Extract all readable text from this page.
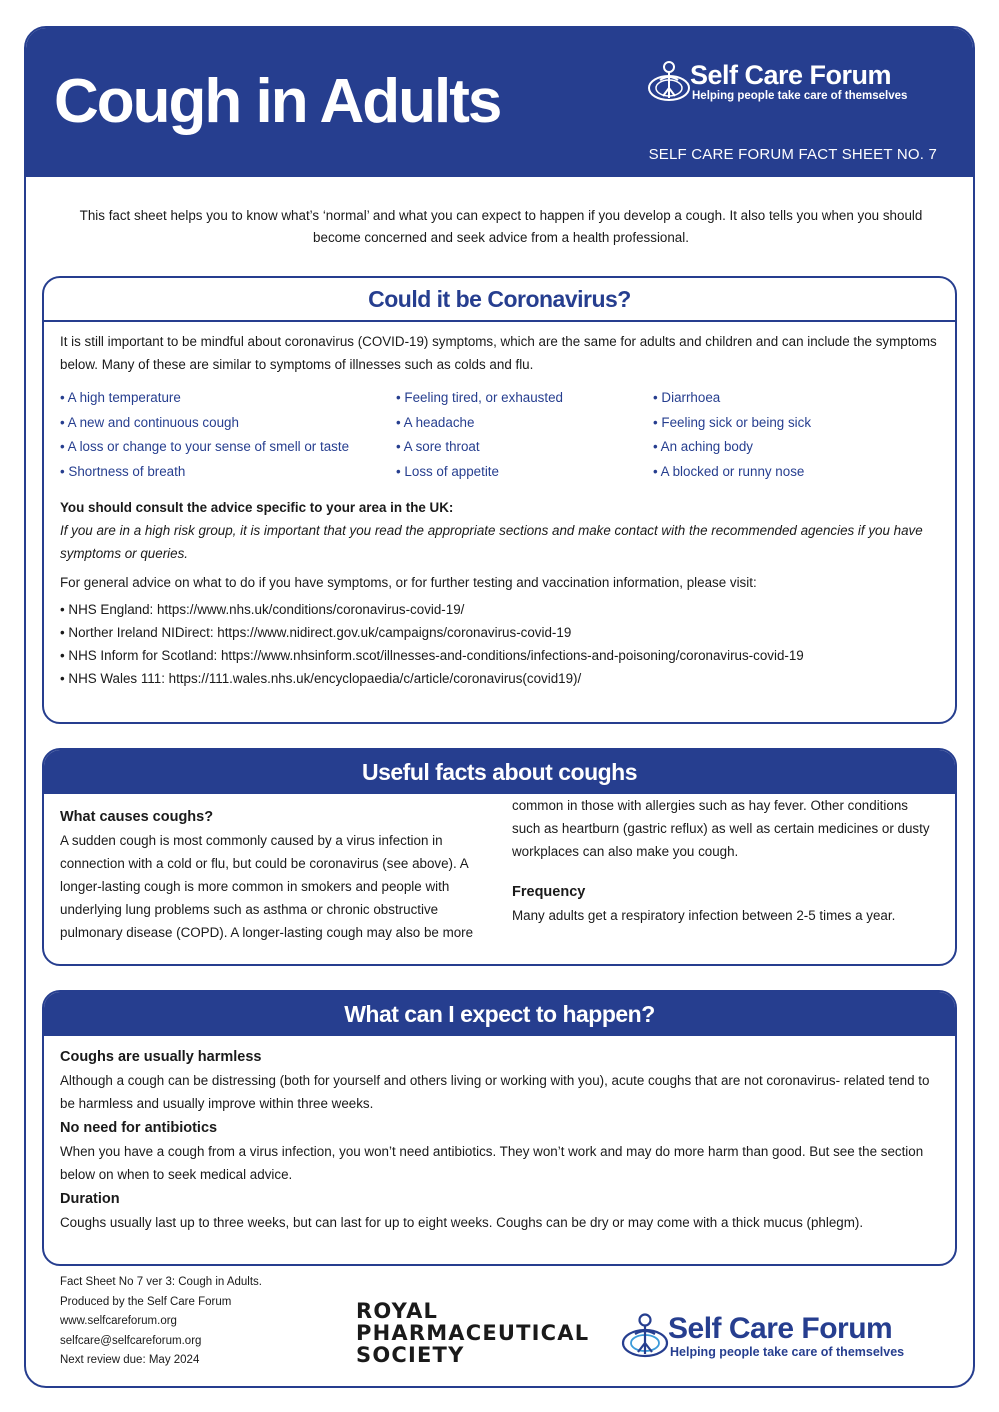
Cough in Adults	Self Care Forum
Helping people take care of themselves
SELF CARE FORUM FACT SHEET NO. 7
This fact sheet helps you to know what’s ‘normal’ and what you can expect to happen if you develop a cough. It also tells you when you should become concerned and seek advice from a health professional.
Could it be Coronavirus?
It is still important to be mindful about coronavirus (COVID-19) symptoms, which are the same for adults and children and can include the symptoms below. Many of these are similar to symptoms of illnesses such as colds and flu.
• A high temperature
• A new and continuous cough
• A loss or change to your sense of smell or taste
• Shortness of breath
• Feeling tired, or exhausted
• A headache
• A sore throat
• Loss of appetite
• Diarrhoea
• Feeling sick or being sick
• An aching body
• A blocked or runny nose
You should consult the advice specific to your area in the UK:
If you are in a high risk group, it is important that you read the appropriate sections and make contact with the recommended agencies if you have symptoms or queries.
For general advice on what to do if you have symptoms, or for further testing and vaccination information, please visit:
• NHS England: https://www.nhs.uk/conditions/coronavirus-covid-19/
• Norther Ireland NIDirect: https://www.nidirect.gov.uk/campaigns/coronavirus-covid-19
• NHS Inform for Scotland: https://www.nhsinform.scot/illnesses-and-conditions/infections-and-poisoning/coronavirus-covid-19
• NHS Wales 111: https://111.wales.nhs.uk/encyclopaedia/c/article/coronavirus(covid19)/
Useful facts about coughs
What causes coughs?
A sudden cough is most commonly caused by a virus infection in connection with a cold or flu, but could be coronavirus (see above). A longer-lasting cough is more common in smokers and people with underlying lung problems such as asthma or chronic obstructive pulmonary disease (COPD). A longer-lasting cough may also be more
common in those with allergies such as hay fever. Other conditions such as heartburn (gastric reflux) as well as certain medicines or dusty workplaces can also make you cough.
Frequency
Many adults get a respiratory infection between 2-5 times a year.
What can I expect to happen?
Coughs are usually harmless
Although a cough can be distressing (both for yourself and others living or working with you), acute coughs that are not coronavirus- related tend to be harmless and usually improve within three weeks.
No need for antibiotics
When you have a cough from a virus infection, you won’t need antibiotics. They won’t work and may do more harm than good. But see the section below on when to seek medical advice.
Duration
Coughs usually last up to three weeks, but can last for up to eight weeks. Coughs can be dry or may come with a thick mucus (phlegm).
Fact Sheet No 7 ver 3: Cough in Adults.
Produced by the Self Care Forum
www.selfcareforum.org
selfcare@selfcareforum.org
Next review due: May 2024
ROYAL
PHARMACEUTICAL
SOCIETY
Self Care Forum
Helping people take care of themselves
